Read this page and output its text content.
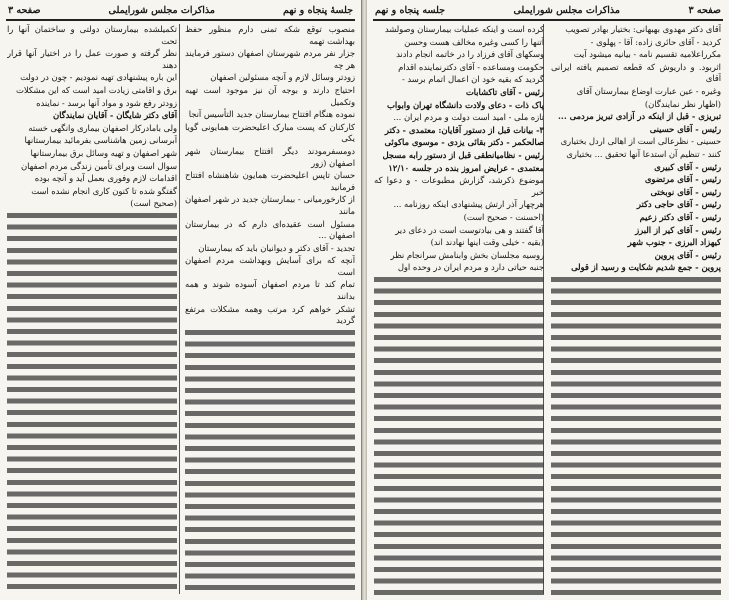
جلسهٔ پنجاه و نهم
مذاکرات مجلس شورایملی
صفحه ۳

منصوب توقع شکه تمنی دارم منظور حفظ بهداشت تهمه

جزار نفر مردم شهرستان اصفهان دستور فرمایند هر چه

زودتر وسائل لازم و آنچه مسئولین اصفهان

احتیاج دارند و بوجه آن نیز موجود است تهیه وتکمیل

نموده هنگام افتتاح بیمارستان جدید التأسیس آنجا

کارکنان که پست مبارک اعلیحضرت همایونی گویا یکی

دومسفرمودند دیگر افتتاح بیمارستان شهر اصفهان (زور

حسان تاپس اعلیحضرت همایون شاهنشاه افتتاح فرمانید

از کارخورمیانی - بیمارستان جدید در شهر اصفهان مانند

مسئول است عقیده‌ای دارم که در بیمارستان اصفهان ...

تجدید - آقای دکتر و دیوانیان باید که بیمارستان

آنچه که برای آسایش وبهداشت مردم اصفهان است

تمام کند تا مردم اصفهان آسوده شوند و همه بدانند

تشکر خواهم کرد مرتب وهمه مشکلات مرتفع گردید

تکمیلشده بیمارستان دولتی و ساختمان آنها را تحت

نظر گرفته و صورت عمل را در اختیار آنها قرار دهند

این باره پیشنهادی تهیه نمودیم - چون در دولت

برق و اقامتی زیادت امید است که این مشکلات

زودتر رفع شود و مواد آنها برسد - نماینده

آقای دکتر شایگان - آقایان نمایندگان

ولی بامادرکار اصفهان بیماری وانگهی خسته

آبرسانی زمین هاشناسی بفرمائید بیمارستانها

شهر اصفهان و تهیه وسائل برق بیمارستانها

سوال است وبرای تأمین زندگی مردم اصفهان

اقدامات لازم وفوری بعمل آید و آنچه بوده

گفتگو شده تا کنون کاری انجام نشده است

(صحیح است)

صفحه ۳
مذاکرات مجلس شورایملی
جلسه پنجاه و نهم

آقای دکتر مهدوی بهبهانی: بختیار بهادر تصویب

کردید - آقای حائری زاده: آقا - پهلوی -

مکرراعلامیه تقسیم نامه - بیانیه میشود آیت

اثربود. و داریوش که قطعه تصمیم یافته ایرانی آقای

وغیره - عین عبارت اوضاع بیمارستان آقای

(اظهار نظر نمایندگان)

تبریزی - قبل از اینکه در آزادی تبریز مردمی ...

رئیس - آقای حسینی

حسینی - نظرعالی است از اهالی اردل بختیاری

کنند - تنظیم آن استدعا آنها تحقیق ... بختیاری

رئیس - آقای کبیری

رئیس - آقای مرتضوی

رئیس - آقای نوبختی

رئیس - آقای حاجی دکتر

رئیس - آقای دکتر زعیم

رئیس - آقای کیر از البرز

کیهزاد البرزی - جنوب شهر

رئیس - آقای پروین

پروین - جمع شدیم شکایت و رسید از قولی

کرده است و اینکه عملیات بیمارستان وصولشد

آتنها را کسی وغیره مخالف هست وحسن

وسکهای آقای فرزاد را در خاتمه انجام دادند

حکومت ومساعده - آقای دکترنماینده اقدام

گردید که بقیه خود ان اعمال اتمام برسد -

رئیس - آقای تاکشابات

پاک ذات - دعای ولادت دانشگاه تهران وابواب

تازه ملی - امید است دولت و مردم ایران ...

۳- بیانات قبل از دستور آقایان: معتمدی - دکتر

صالحکمر - دکتر بقائی یزدی - موسوی ماکوئی

رئیس - نظامیانطقی قبل از دستور رابه مسجل

معتمدی - عرایض امروز بنده در جلسه ۱۲/۱۰

موضوع ذکرشد، گزارش مطبوعات - و دعوا که خبر

هرچهار آذر ارتش پیشنهادی اینکه روزنامه ...

(احسنت - صحیح است)

آقا گفتند و هی بیادتوست است در دعای دیر

(بقیه - خیلی وقت اینها نهادند اند)

روسیه مجلسان بخش وابنامش سرانجام نظر

جنبه حیاتی دارد و مردم ایران در وحده اول
